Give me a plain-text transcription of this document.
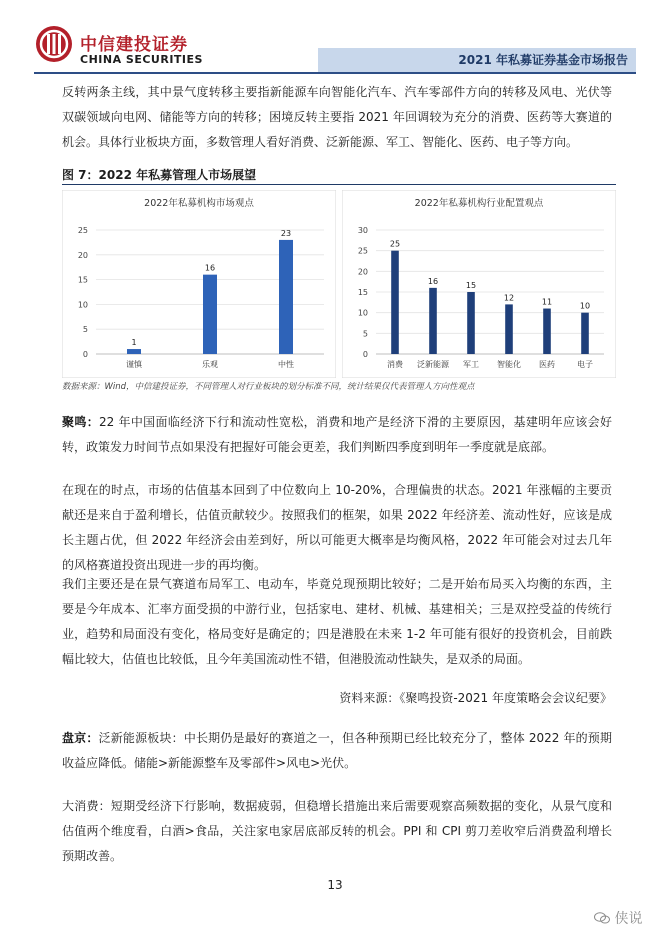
中信建投证券
CHINA SECURITIES	2021 年私募证券基金市场报告
反转两条主线，其中景气度转移主要指新能源车向智能化汽车、汽车零部件方向的转移及风电、光伏等双碳领域向电网、储能等方向的转移；困境反转主要指 2021 年回调较为充分的消费、医药等大赛道的机会。具体行业板块方面，多数管理人看好消费、泛新能源、军工、智能化、医药、电子等方向。
图 7：2022 年私募管理人市场展望
2022年私募机构市场观点
0
5
10
15
20
25
1
谨慎
16
乐观
23
中性
2022年私募机构行业配置观点
0
5
10
15
20
25
30
25
消费
16
泛新能源
15
军工
12
智能化
11
医药
10
电子
数据来源：Wind，中信建投证券，不同管理人对行业板块的划分标准不同，统计结果仅代表管理人方向性观点
聚鸣：22 年中国面临经济下行和流动性宽松，消费和地产是经济下滑的主要原因，基建明年应该会好转，政策发力时间节点如果没有把握好可能会更差，我们判断四季度到明年一季度就是底部。
在现在的时点，市场的估值基本回到了中位数向上 10-20%，合理偏贵的状态。2021 年涨幅的主要贡献还是来自于盈利增长，估值贡献较少。按照我们的框架，如果 2022 年经济差、流动性好，应该是成长主题占优，但 2022 年经济会由差到好，所以可能更大概率是均衡风格，2022 年可能会对过去几年的风格赛道投资出现进一步的再均衡。
我们主要还是在景气赛道布局军工、电动车，毕竟兑现预期比较好；二是开始布局买入均衡的东西，主要是今年成本、汇率方面受损的中游行业，包括家电、建材、机械、基建相关；三是双控受益的传统行业，趋势和局面没有变化，格局变好是确定的；四是港股在未来 1-2 年可能有很好的投资机会，目前跌幅比较大，估值也比较低，且今年美国流动性不错，但港股流动性缺失，是双杀的局面。
资料来源：《聚鸣投资-2021 年度策略会会议纪要》
盘京：泛新能源板块：中长期仍是最好的赛道之一，但各种预期已经比较充分了，整体 2022 年的预期收益应降低。储能>新能源整车及零部件>风电>光伏。
大消费：短期受经济下行影响，数据疲弱，但稳增长措施出来后需要观察高频数据的变化，从景气度和估值两个维度看，白酒>食品，关注家电家居底部反转的机会。PPI 和 CPI 剪刀差收窄后消费盈利增长预期改善。
13
侠说
